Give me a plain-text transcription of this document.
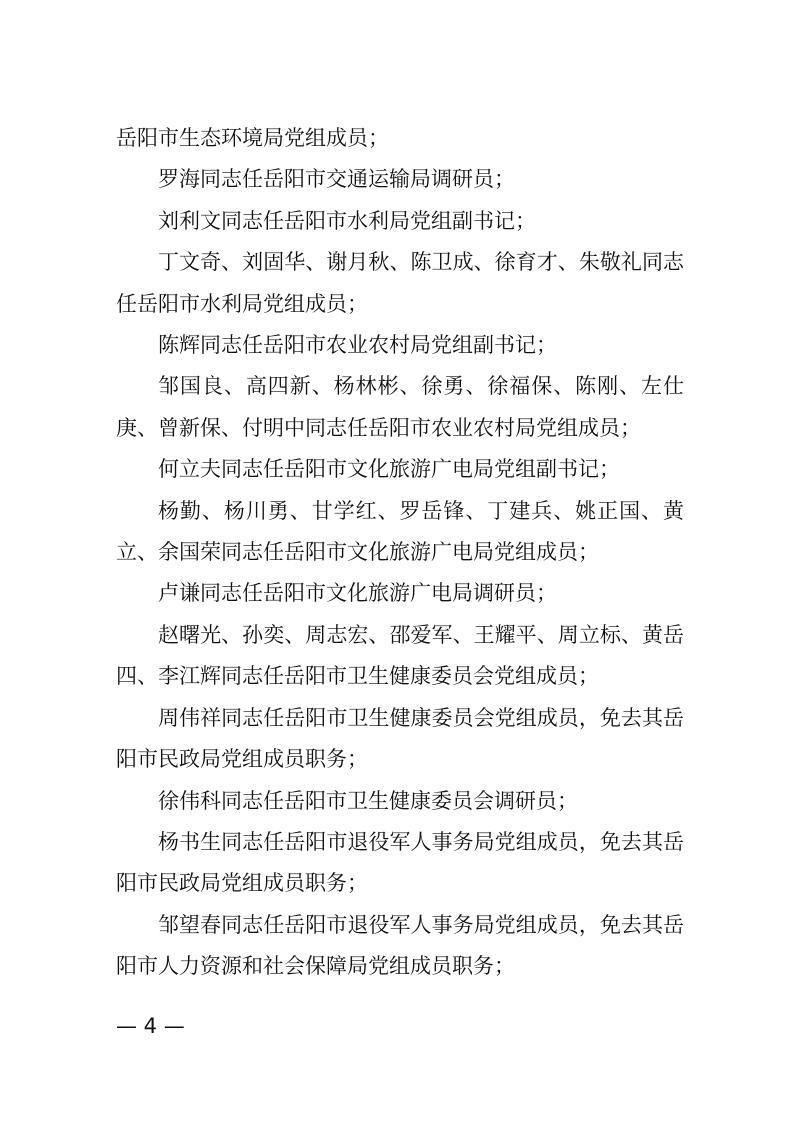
岳阳市生态环境局党组成员；

罗海同志任岳阳市交通运输局调研员；

刘利文同志任岳阳市水利局党组副书记；

丁文奇、刘固华、谢月秋、陈卫成、徐育才、朱敬礼同志任岳阳市水利局党组成员；

陈辉同志任岳阳市农业农村局党组副书记；

邹国良、高四新、杨林彬、徐勇、徐福保、陈刚、左仕庚、曾新保、付明中同志任岳阳市农业农村局党组成员；

何立夫同志任岳阳市文化旅游广电局党组副书记；

杨勤、杨川勇、甘学红、罗岳锋、丁建兵、姚正国、黄立、余国荣同志任岳阳市文化旅游广电局党组成员；

卢谦同志任岳阳市文化旅游广电局调研员；

赵曙光、孙奕、周志宏、邵爱军、王耀平、周立标、黄岳四、李江辉同志任岳阳市卫生健康委员会党组成员；

周伟祥同志任岳阳市卫生健康委员会党组成员，免去其岳阳市民政局党组成员职务；

徐伟科同志任岳阳市卫生健康委员会调研员；

杨书生同志任岳阳市退役军人事务局党组成员，免去其岳阳市民政局党组成员职务；

邹望春同志任岳阳市退役军人事务局党组成员，免去其岳阳市人力资源和社会保障局党组成员职务；

— 4 —
